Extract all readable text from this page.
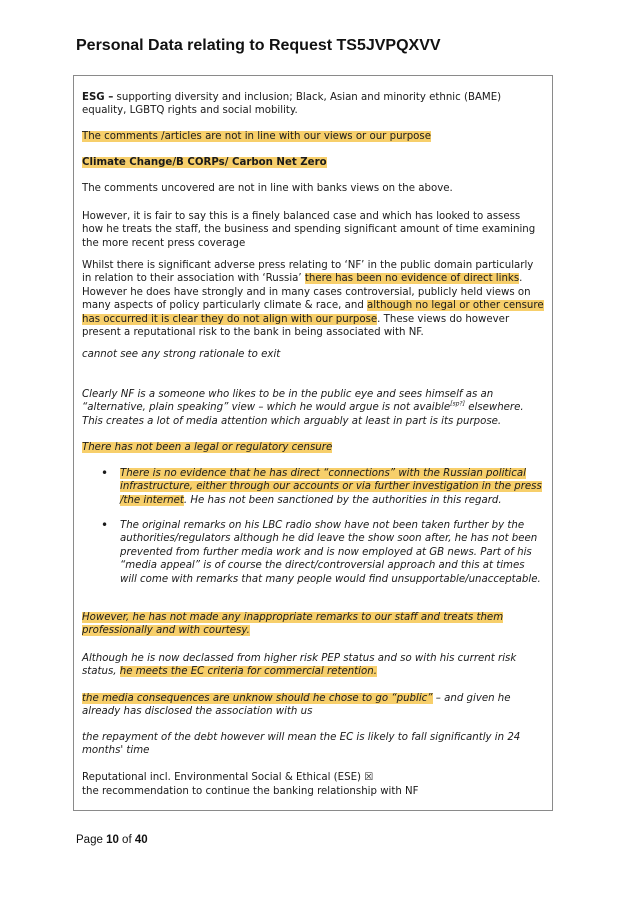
Personal Data relating to Request TS5JVPQXVV

ESG – supporting diversity and inclusion; Black, Asian and minority ethnic (BAME) equality, LGBTQ rights and social mobility.

The comments /articles are not in line with our views or our purpose

Climate Change/B CORPs/ Carbon Net Zero

The comments uncovered are not in line with banks views on the above.

However, it is fair to say this is a finely balanced case and which has looked to assess how he treats the staff, the business and spending significant amount of time examining the more recent press coverage

Whilst there is significant adverse press relating to ‘NF’ in the public domain particularly in relation to their association with ‘Russia’ there has been no evidence of direct links. However he does have strongly and in many cases controversial, publicly held views on many aspects of policy particularly climate & race, and although no legal or other censure has occurred it is clear they do not align with our purpose. These views do however present a reputational risk to the bank in being associated with NF.

cannot see any strong rationale to exit

Clearly NF is a someone who likes to be in the public eye and sees himself as an “alternative, plain speaking” view – which he would argue is not avaible[sp?] elsewhere. This creates a lot of media attention which arguably at least in part is its purpose.

There has not been a legal or regulatory censure

• There is no evidence that he has direct “connections” with the Russian political infrastructure, either through our accounts or via further investigation in the press /the internet. He has not been sanctioned by the authorities in this regard.

• The original remarks on his LBC radio show have not been taken further by the authorities/regulators although he did leave the show soon after, he has not been prevented from further media work and is now employed at GB news. Part of his “media appeal” is of course the direct/controversial approach and this at times will come with remarks that many people would find unsupportable/unacceptable.

However, he has not made any inappropriate remarks to our staff and treats them professionally and with courtesy.

Although he is now declassed from higher risk PEP status and so with his current risk status, he meets the EC criteria for commercial retention.

the media consequences are unknow should he chose to go “public” – and given he already has disclosed the association with us

the repayment of the debt however will mean the EC is likely to fall significantly in 24 months' time

Reputational incl. Environmental Social & Ethical (ESE) ☒

the recommendation to continue the banking relationship with NF

Page 10 of 40
